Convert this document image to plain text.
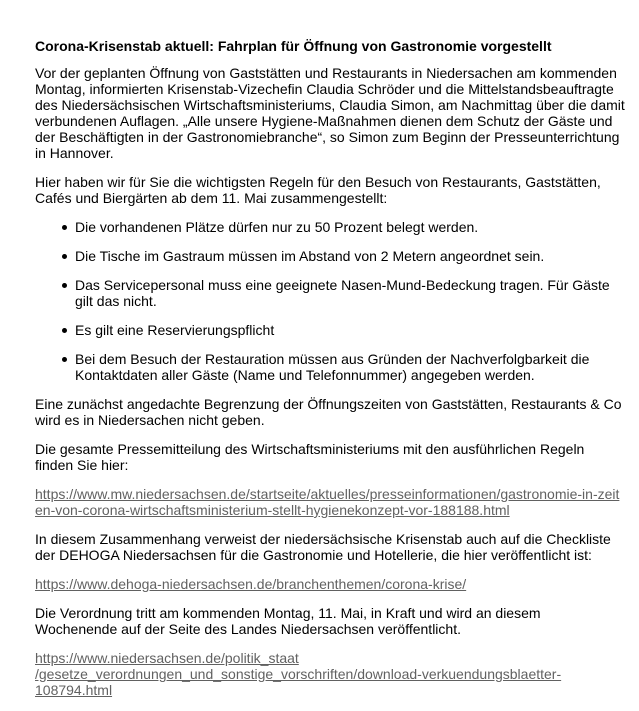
Corona-Krisenstab aktuell: Fahrplan für Öffnung von Gastronomie vorgestellt

Vor der geplanten Öffnung von Gaststätten und Restaurants in Niedersachen am kommenden Montag, informierten Krisenstab-Vizechefin Claudia Schröder und die Mittelstandsbeauftragte des Niedersächsischen Wirtschaftsministeriums, Claudia Simon, am Nachmittag über die damit verbundenen Auflagen. „Alle unsere Hygiene-Maßnahmen dienen dem Schutz der Gäste und der Beschäftigten in der Gastronomiebranche“, so Simon zum Beginn der Presseunterrichtung in Hannover.

Hier haben wir für Sie die wichtigsten Regeln für den Besuch von Restaurants, Gaststätten, Cafés und Biergärten ab dem 11. Mai zusammengestellt:

Die vorhandenen Plätze dürfen nur zu 50 Prozent belegt werden.
Die Tische im Gastraum müssen im Abstand von 2 Metern angeordnet sein.
Das Servicepersonal muss eine geeignete Nasen-Mund-Bedeckung tragen. Für Gäste gilt das nicht.
Es gilt eine Reservierungspflicht
Bei dem Besuch der Restauration müssen aus Gründen der Nachverfolgbarkeit die Kontaktdaten aller Gäste (Name und Telefonnummer) angegeben werden.

Eine zunächst angedachte Begrenzung der Öffnungszeiten von Gaststätten, Restaurants & Co wird es in Niedersachen nicht geben.

Die gesamte Pressemitteilung des Wirtschaftsministeriums mit den ausführlichen Regeln finden Sie hier:

https://www.mw.niedersachsen.de/startseite/aktuelles/presseinformationen/gastronomie-in-zeiten-von-corona-wirtschaftsministerium-stellt-hygienekonzept-vor-188188.html

In diesem Zusammenhang verweist der niedersächsische Krisenstab auch auf die Checkliste der DEHOGA Niedersachsen für die Gastronomie und Hotellerie, die hier veröffentlicht ist:

https://www.dehoga-niedersachsen.de/branchenthemen/corona-krise/

Die Verordnung tritt am kommenden Montag, 11. Mai, in Kraft und wird an diesem Wochenende auf der Seite des Landes Niedersachsen veröffentlicht.

https://www.niedersachsen.de/politik_staat
/gesetze_verordnungen_und_sonstige_vorschriften/download-verkuendungsblaetter-
108794.html
